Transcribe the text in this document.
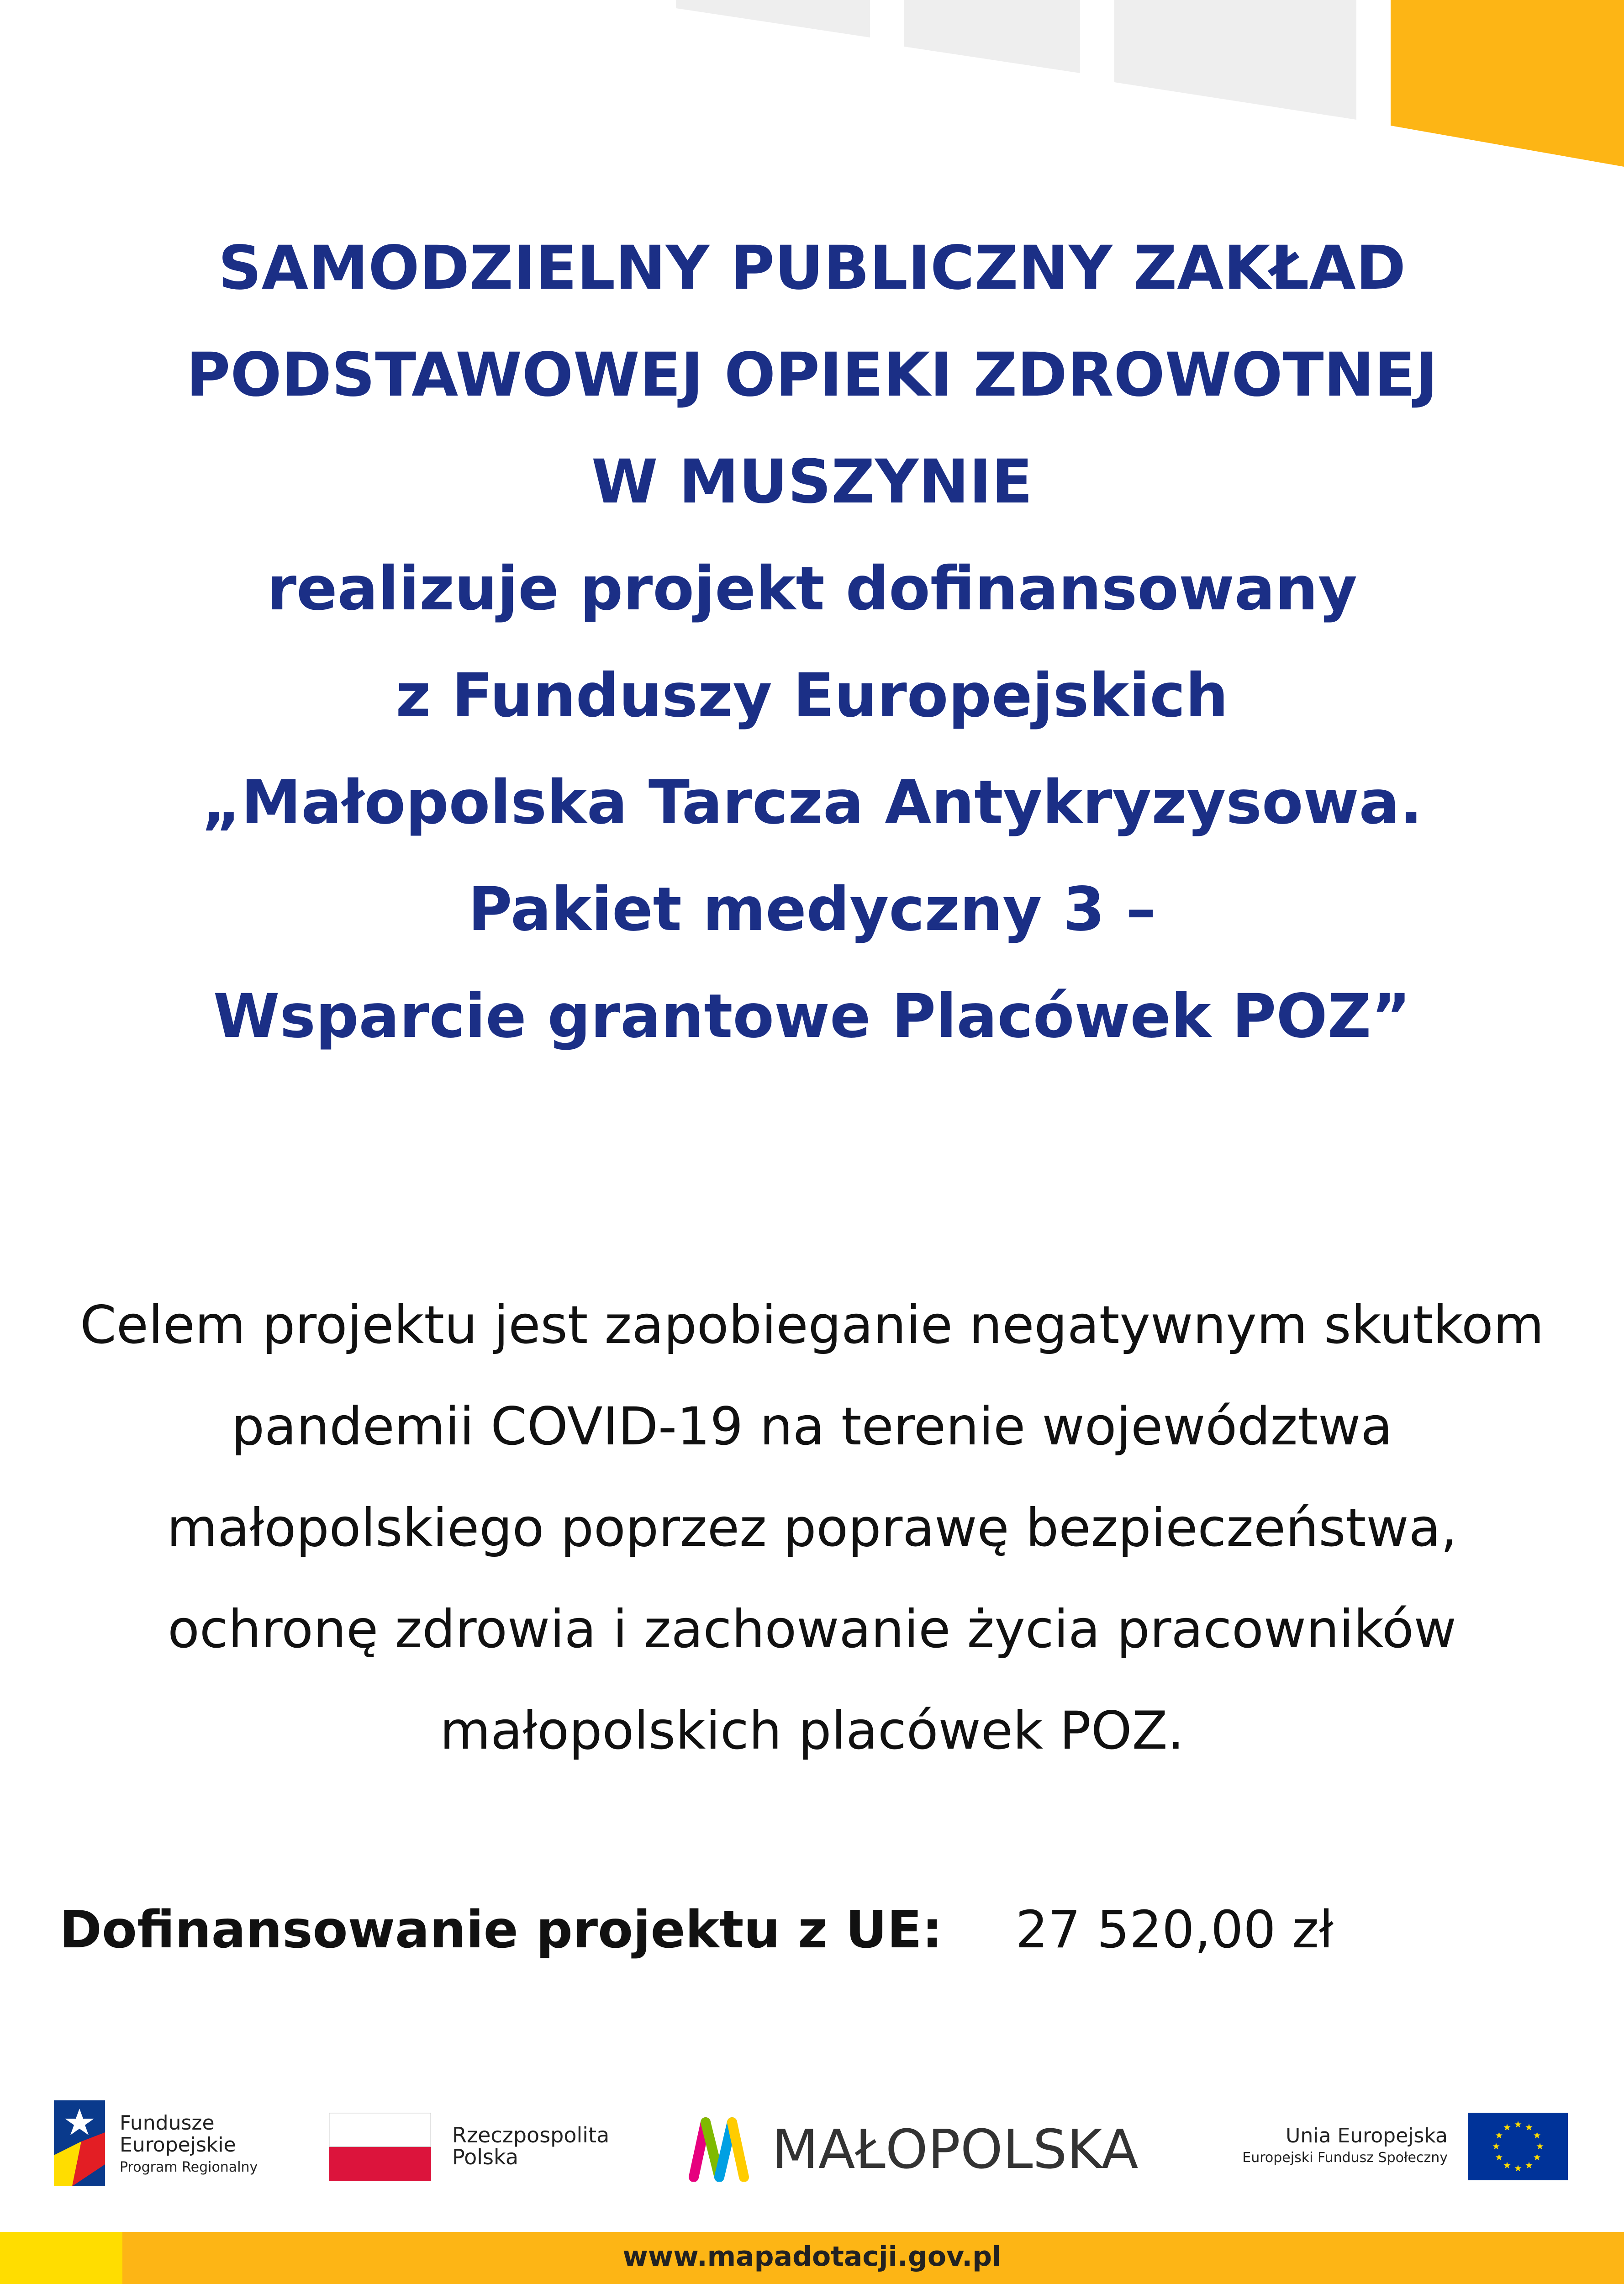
SAMODZIELNY PUBLICZNY ZAKŁAD
PODSTAWOWEJ OPIEKI ZDROWOTNEJ
W MUSZYNIE
realizuje projekt dofinansowany
z Funduszy Europejskich
„Małopolska Tarcza Antykryzysowa.
Pakiet medyczny 3 –
Wsparcie grantowe Placówek POZ”
Celem projektu jest zapobieganie negatywnym skutkom
pandemii COVID-19 na terenie województwa
małopolskiego poprzez poprawę bezpieczeństwa,
ochronę zdrowia i zachowanie życia pracowników
małopolskich placówek POZ.
Dofinansowanie projektu z UE: 27 520,00 zł
Fundusze
Europejskie
Program Regionalny
Rzeczpospolita
Polska	MAŁOPOLSKA	Unia Europejska
Europejski Fundusz Społeczny
www.mapadotacji.gov.pl
